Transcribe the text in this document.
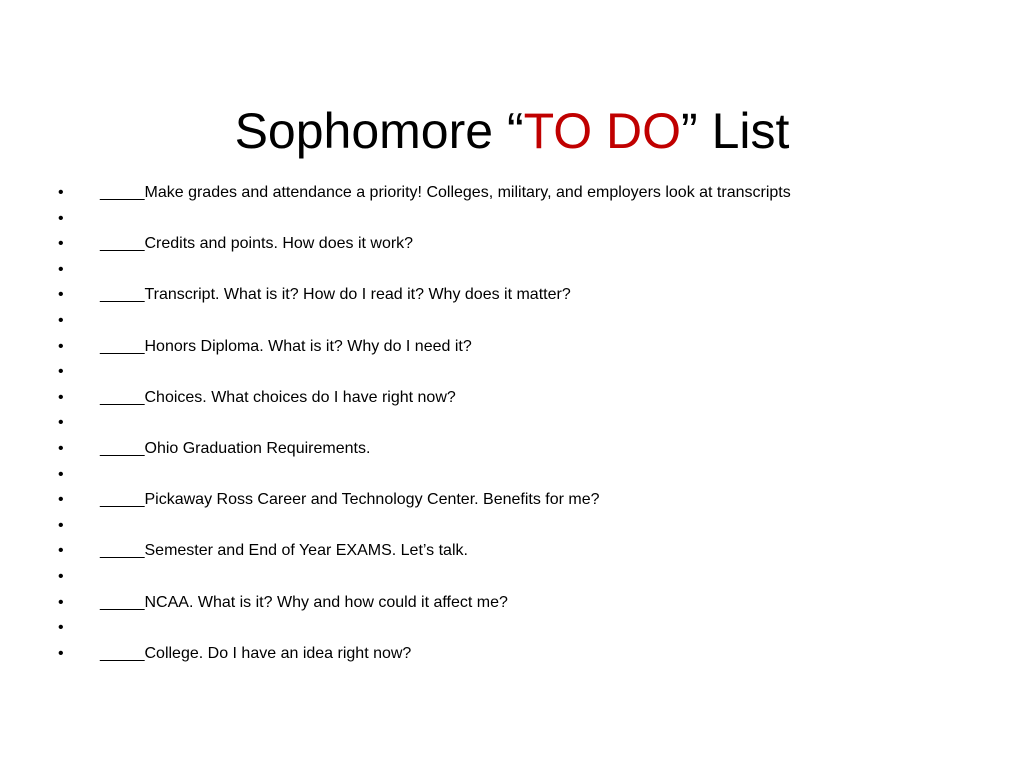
Sophomore “TO DO” List
•	_____Make grades and attendance a priority! Colleges, military, and employers look at transcripts
•
•	_____Credits and points. How does it work?
•
•	_____Transcript. What is it? How do I read it? Why does it matter?
•
•	_____Honors Diploma. What is it? Why do I need it?
•
•	_____Choices. What choices do I have right now?
•
•	_____Ohio Graduation Requirements.
•
•	_____Pickaway Ross Career and Technology Center. Benefits for me?
•
•	_____Semester and End of Year EXAMS. Let’s talk.
•
•	_____NCAA. What is it? Why and how could it affect me?
•
•	_____College. Do I have an idea right now?
